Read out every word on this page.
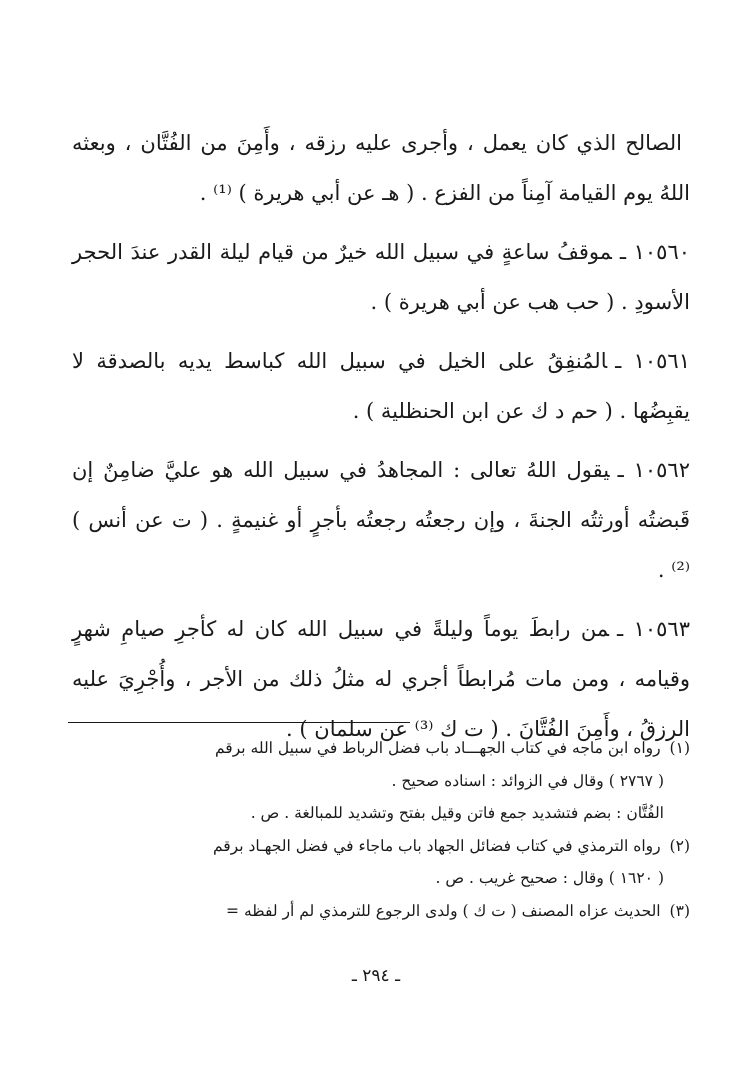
الصالح الذي كان يعمل ، وأجرى عليه رزقه ، وأَمِنَ من الفُتَّان ، وبعثه اللهُ يوم القيامة آمِناً من الفزع . ( هـ عن أبي هريرة ) ⁽¹⁾ .

١٠٥٦٠ ـموقفُ ساعةٍ في سبيل الله خيرٌ من قيام ليلة القدر عندَ الحجر الأسودِ . ( حب هب عن أبي هريرة ) .

١٠٥٦١ ـالمُنفِقُ على الخيل في سبيل الله كباسط يديه بالصدقة لا يقبِضُها . ( حم د ك عن ابن الحنظلية ) .

١٠٥٦٢ ـيقول اللهُ تعالى : المجاهدُ في سبيل الله هو عليَّ ضامِنٌ إن قَبضتُه أورثتُه الجنةَ ، وإن رجعتُه رجعتُه بأجرٍ أو غنيمةٍ . ( ت عن أنس ) ⁽²⁾ .

١٠٥٦٣ ـمن رابطَ يوماً وليلةً في سبيل الله كان له كأجرِ صيامِ شهرٍ وقيامه ، ومن مات مُرابطاً أجري له مثلُ ذلك من الأجر ، وأُجْرِيَ عليه الرزقُ ، وأَمِنَ الفُتَّانَ . ( ت ك ⁽³⁾ عن سلمان ) .

(١) رواه ابن ماجه في كتاب الجهـــاد باب فضل الرباط في سبيل الله برقم

( ٢٧٦٧ ) وقال في الزوائد : اسناده صحيح .

الفُتَّان : بضم فتشديد جمع فاتن وقيل بفتح وتشديد للمبالغة . ص .

(٢) رواه الترمذي في كتاب فضائل الجهاد باب ماجاء في فضل الجهـاد برقم

( ١٦٢٠ ) وقال : صحيح غريب . ص .

(٣) الحديث عزاه المصنف ( ت ك ) ولدى الرجوع للترمذي لم أر لفظه =

ـ ٢٩٤ ـ
